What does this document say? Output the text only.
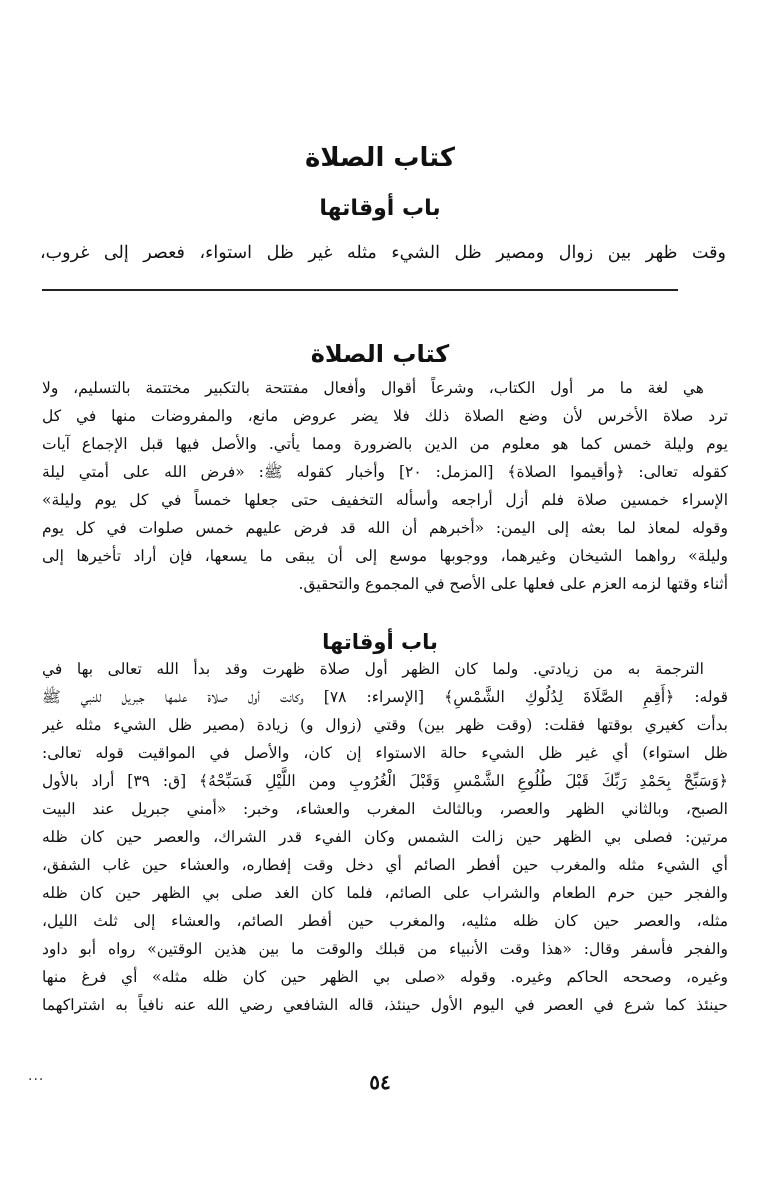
كتاب الصلاة
باب أوقاتها

وقت ظهر بين زوال ومصير ظل الشيء مثله غير ظل استواء، فعصر إلى غروب،

كتاب الصلاة
هي لغة ما مر أول الكتاب، وشرعاً أقوال وأفعال مفتتحة بالتكبير مختتمة بالتسليم، ولا
ترد صلاة الأخرس لأن وضع الصلاة ذلك فلا يضر عروض مانع، والمفروضات منها في كل
يوم وليلة خمس كما هو معلوم من الدين بالضرورة ومما يأتي. والأصل فيها قبل الإجماع آيات
كقوله تعالى: ﴿وأقيموا الصلاة﴾ [المزمل: ٢٠] وأخبار كقوله ﷺ: «فرض الله على أمتي ليلة
الإسراء خمسين صلاة فلم أزل أراجعه وأسأله التخفيف حتى جعلها خمساً في كل يوم وليلة»
وقوله لمعاذ لما بعثه إلى اليمن: «أخبرهم أن الله قد فرض عليهم خمس صلوات في كل يوم
وليلة» رواهما الشيخان وغيرهما، ووجوبها موسع إلى أن يبقى ما يسعها، فإن أراد تأخيرها إلى
أثناء وقتها لزمه العزم على فعلها على الأصح في المجموع والتحقيق.
باب أوقاتها
الترجمة به من زيادتي. ولما كان الظهر أول صلاة ظهرت وقد بدأ الله تعالى بها في
قوله: ﴿أَقِمِ الصَّلَاةَ لِدُلُوكِ الشَّمْسِ﴾ [الإسراء: ٧٨] وكانت أول صلاة علمها جبريل للنبي ﷺ
بدأت كغيري بوقتها فقلت: (وقت ظهر بين) وقتي (زوال و) زيادة (مصير ظل الشيء مثله غير
ظل استواء) أي غير ظل الشيء حالة الاستواء إن كان، والأصل في المواقيت قوله تعالى:
﴿وَسَبِّحْ بِحَمْدِ رَبِّكَ قَبْلَ طُلُوعِ الشَّمْسِ وَقَبْلَ الْغُرُوبِ ومن اللَّيْلِ فَسَبِّحْهُ﴾ [ق: ٣٩] أراد بالأول
الصبح، وبالثاني الظهر والعصر، وبالثالث المغرب والعشاء، وخبر: «أمني جبريل عند البيت
مرتين: فصلى بي الظهر حين زالت الشمس وكان الفيء قدر الشراك، والعصر حين كان ظله
أي الشيء مثله والمغرب حين أفطر الصائم أي دخل وقت إفطاره، والعشاء حين غاب الشفق،
والفجر حين حرم الطعام والشراب على الصائم، فلما كان الغد صلى بي الظهر حين كان ظله
مثله، والعصر حين كان ظله مثليه، والمغرب حين أفطر الصائم، والعشاء إلى ثلث الليل،
والفجر فأسفر وقال: «هذا وقت الأنبياء من قبلك والوقت ما بين هذين الوقتين» رواه أبو داود
وغيره، وصححه الحاكم وغيره. وقوله «صلى بي الظهر حين كان ظله مثله» أي فرغ منها
حينئذ كما شرع في العصر في اليوم الأول حينئذ، قاله الشافعي رضي الله عنه نافياً به اشتراكهما
٥٤
...
